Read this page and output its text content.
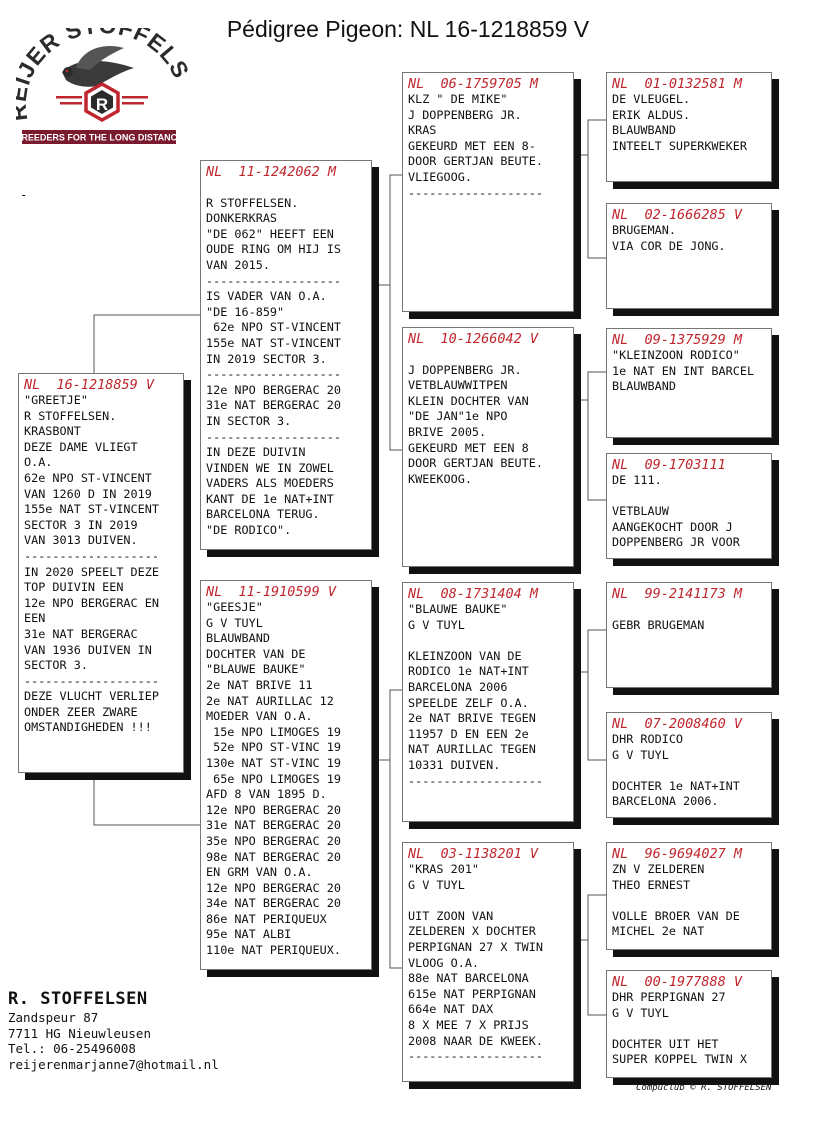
Pédigree Pigeon: NL 16-1218859 V
ER S FFEL
R
BREEDERS FOR THE LONG DISTANCE
-
NL  16-1218859 V
"GREETJE"
R STOFFELSEN.
KRASBONT
DEZE DAME VLIEGT
O.A.
62e NPO ST-VINCENT
VAN 1260 D IN 2019
155e NAT ST-VINCENT
SECTOR 3 IN 2019
VAN 3013 DUIVEN.
-------------------
IN 2020 SPEELT DEZE
TOP DUIVIN EEN
12e NPO BERGERAC EN
EEN
31e NAT BERGERAC
VAN 1936 DUIVEN IN
SECTOR 3.
-------------------
DEZE VLUCHT VERLIEP
ONDER ZEER ZWARE
OMSTANDIGHEDEN !!!
NL  11-1242062 M

R STOFFELSEN.
DONKERKRAS
"DE 062" HEEFT EEN
OUDE RING OM HIJ IS
VAN 2015.
-------------------
IS VADER VAN O.A.
"DE 16-859"
62e NPO ST-VINCENT
155e NAT ST-VINCENT
IN 2019 SECTOR 3.
-------------------
12e NPO BERGERAC 20
31e NAT BERGERAC 20
IN SECTOR 3.
-------------------
IN DEZE DUIVIN
VINDEN WE IN ZOWEL
VADERS ALS MOEDERS
KANT DE 1e NAT+INT
BARCELONA TERUG.
"DE RODICO".
NL  11-1910599 V
"GEESJE"
G V TUYL
BLAUWBAND
DOCHTER VAN DE
"BLAUWE BAUKE"
2e NAT BRIVE 11
2e NAT AURILLAC 12
MOEDER VAN O.A.
15e NPO LIMOGES 19
52e NPO ST-VINC 19
130e NAT ST-VINC 19
65e NPO LIMOGES 19
AFD 8 VAN 1895 D.
12e NPO BERGERAC 20
31e NAT BERGERAC 20
35e NPO BERGERAC 20
98e NAT BERGERAC 20
EN GRM VAN O.A.
12e NPO BERGERAC 20
34e NAT BERGERAC 20
86e NAT PERIQUEUX
95e NAT ALBI
110e NAT PERIQUEUX.
NL  06-1759705 M
KLZ " DE MIKE"
J DOPPENBERG JR.
KRAS
GEKEURD MET EEN 8-
DOOR GERTJAN BEUTE.
VLIEGOOG.
-------------------
NL  10-1266042 V

J DOPPENBERG JR.
VETBLAUWWITPEN
KLEIN DOCHTER VAN
"DE JAN"1e NPO
BRIVE 2005.
GEKEURD MET EEN 8
DOOR GERTJAN BEUTE.
KWEEKOOG.
NL  08-1731404 M
"BLAUWE BAUKE"
G V TUYL

KLEINZOON VAN DE
RODICO 1e NAT+INT
BARCELONA 2006
SPEELDE ZELF O.A.
2e NAT BRIVE TEGEN
11957 D EN EEN 2e
NAT AURILLAC TEGEN
10331 DUIVEN.
-------------------
NL  03-1138201 V
"KRAS 201"
G V TUYL

UIT ZOON VAN
ZELDEREN X DOCHTER
PERPIGNAN 27 X TWIN
VLOOG O.A.
88e NAT BARCELONA
615e NAT PERPIGNAN
664e NAT DAX
8 X MEE 7 X PRIJS
2008 NAAR DE KWEEK.
-------------------
NL  01-0132581 M
DE VLEUGEL.
ERIK ALDUS.
BLAUWBAND
INTEELT SUPERKWEKER
NL  02-1666285 V
BRUGEMAN.
VIA COR DE JONG.
NL  09-1375929 M
"KLEINZOON RODICO"
1e NAT EN INT BARCEL
BLAUWBAND
NL  09-1703111
DE 111.

VETBLAUW
AANGEKOCHT DOOR J
DOPPENBERG JR VOOR
NL  99-2141173 M

GEBR BRUGEMAN
NL  07-2008460 V
DHR RODICO
G V TUYL

DOCHTER 1e NAT+INT
BARCELONA 2006.
NL  96-9694027 M
ZN V ZELDEREN
THEO ERNEST

VOLLE BROER VAN DE
MICHEL 2e NAT
NL  00-1977888 V
DHR PERPIGNAN 27
G V TUYL

DOCHTER UIT HET
SUPER KOPPEL TWIN X
R. STOFFELSEN
Zandspeur 87
7711 HG Nieuwleusen
Tel.: 06-25496008
reijerenmarjanne7@hotmail.nl
Compuclub © R. STOFFELSEN
